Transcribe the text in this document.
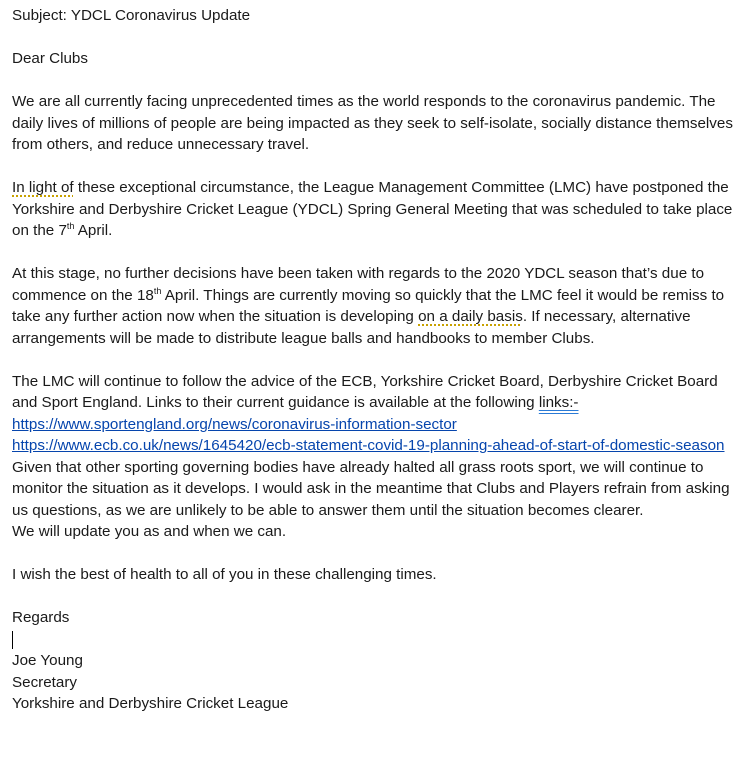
Subject: YDCL Coronavirus Update

Dear Clubs

We are all currently facing unprecedented times as the world responds to the coronavirus pandemic. The daily lives of millions of people are being impacted as they seek to self-isolate, socially distance themselves from others, and reduce unnecessary travel.

In light of these exceptional circumstance, the League Management Committee (LMC) have postponed the Yorkshire and Derbyshire Cricket League (YDCL) Spring General Meeting that was scheduled to take place on the 7th April.

At this stage, no further decisions have been taken with regards to the 2020 YDCL season that’s due to commence on the 18th April. Things are currently moving so quickly that the LMC feel it would be remiss to take any further action now when the situation is developing on a daily basis. If necessary, alternative arrangements will be made to distribute league balls and handbooks to member Clubs.

The LMC will continue to follow the advice of the ECB, Yorkshire Cricket Board, Derbyshire Cricket Board and Sport England. Links to their current guidance is available at the following links:-

https://www.sportengland.org/news/coronavirus-information-sector
https://www.ecb.co.uk/news/1645420/ecb-statement-covid-19-planning-ahead-of-start-of-domestic-season

Given that other sporting governing bodies have already halted all grass roots sport, we will continue to monitor the situation as it develops. I would ask in the meantime that Clubs and Players refrain from asking us questions, as we are unlikely to be able to answer them until the situation becomes clearer.

We will update you as and when we can.

I wish the best of health to all of you in these challenging times.

Regards

Joe Young

Secretary

Yorkshire and Derbyshire Cricket League
